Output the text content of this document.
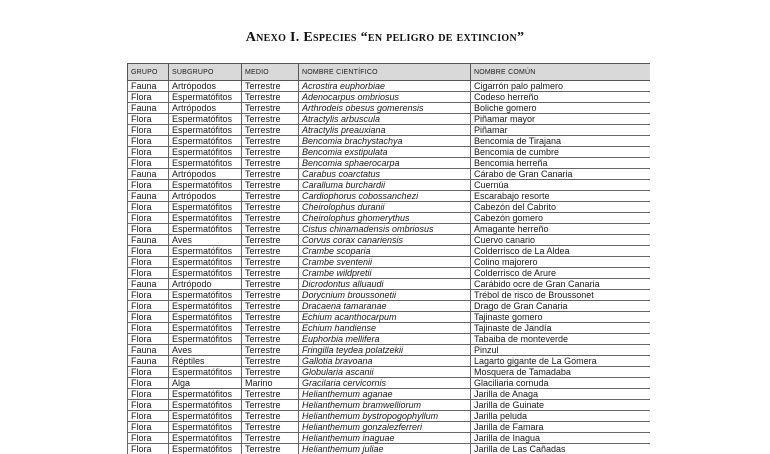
Anexo I. Especies “en peligro de extincion”
GRUPO	SUBGRUPO	MEDIO	NOMBRE CIENTÍFICO	NOMBRE COMÚN
Fauna	Artrópodos	Terrestre	Acrostira euphorbiae	Cigarrón palo palmero
Flora	Espermatófitos	Terrestre	Adenocarpus ombriosus	Codeso herreño
Fauna	Artrópodos	Terrestre	Arthrodeis obesus gomerensis	Boliche gomero
Flora	Espermatófitos	Terrestre	Atractylis arbuscula	Piñamar mayor
Flora	Espermatófitos	Terrestre	Atractylis preauxiana	Piñamar
Flora	Espermatófitos	Terrestre	Bencomia brachystachya	Bencomia de Tirajana
Flora	Espermatófitos	Terrestre	Bencomia exstipulata	Bencomia de cumbre
Flora	Espermatófitos	Terrestre	Bencomia sphaerocarpa	Bencomia herreña
Fauna	Artrópodos	Terrestre	Carabus coarctatus	Cárabo de Gran Canaria
Flora	Espermatófitos	Terrestre	Caralluma burchardii	Cuernúa
Fauna	Artrópodos	Terrestre	Cardiophorus cobossanchezi	Escarabajo resorte
Flora	Espermatófitos	Terrestre	Cheirolophus duranii	Cabezón del Cabrito
Flora	Espermatófitos	Terrestre	Cheirolophus ghomerythus	Cabezón gomero
Flora	Espermatófitos	Terrestre	Cistus chinamadensis ombriosus	Amagante herreño
Fauna	Aves	Terrestre	Corvus corax canariensis	Cuervo canario
Flora	Espermatófitos	Terrestre	Crambe scoparia	Colderrisco de La Aldea
Flora	Espermatófitos	Terrestre	Crambe sventenii	Colino majorero
Flora	Espermatófitos	Terrestre	Crambe wildpretii	Colderrisco de Arure
Fauna	Artrópodo	Terrestre	Dicrodontus alluaudi	Carábido ocre de Gran Canaria
Flora	Espermatófitos	Terrestre	Dorycnium broussonetii	Trébol de risco de Broussonet
Flora	Espermatófitos	Terrestre	Dracaena tamaranae	Drago de Gran Canaria
Flora	Espermatófitos	Terrestre	Echium acanthocarpum	Tajinaste gomero
Flora	Espermatófitos	Terrestre	Echium handiense	Tajinaste de Jandía
Flora	Espermatófitos	Terrestre	Euphorbia mellifera	Tabaiba de monteverde
Fauna	Aves	Terrestre	Fringilla teydea polatzekii	Pinzul
Fauna	Réptiles	Terrestre	Gallotia bravoana	Lagarto gigante de La Gomera
Flora	Espermatófitos	Terrestre	Globularia ascanii	Mosquera de Tamadaba
Flora	Alga	Marino	Gracilaria cervicornis	Glaciliaria cornuda
Flora	Espermatófitos	Terrestre	Helianthemum aganae	Jarilla de Anaga
Flora	Espermatófitos	Terrestre	Helianthemum bramwelliorum	Jarilla de Guinate
Flora	Espermatófitos	Terrestre	Helianthemum bystropogophyllum	Jarilla peluda
Flora	Espermatófitos	Terrestre	Helianthemum gonzalezferreri	Jarilla de Famara
Flora	Espermatófitos	Terrestre	Helianthemum inaguae	Jarilla de Inagua
Flora	Espermatófitos	Terrestre	Helianthemum juliae	Jarilla de Las Cañadas
